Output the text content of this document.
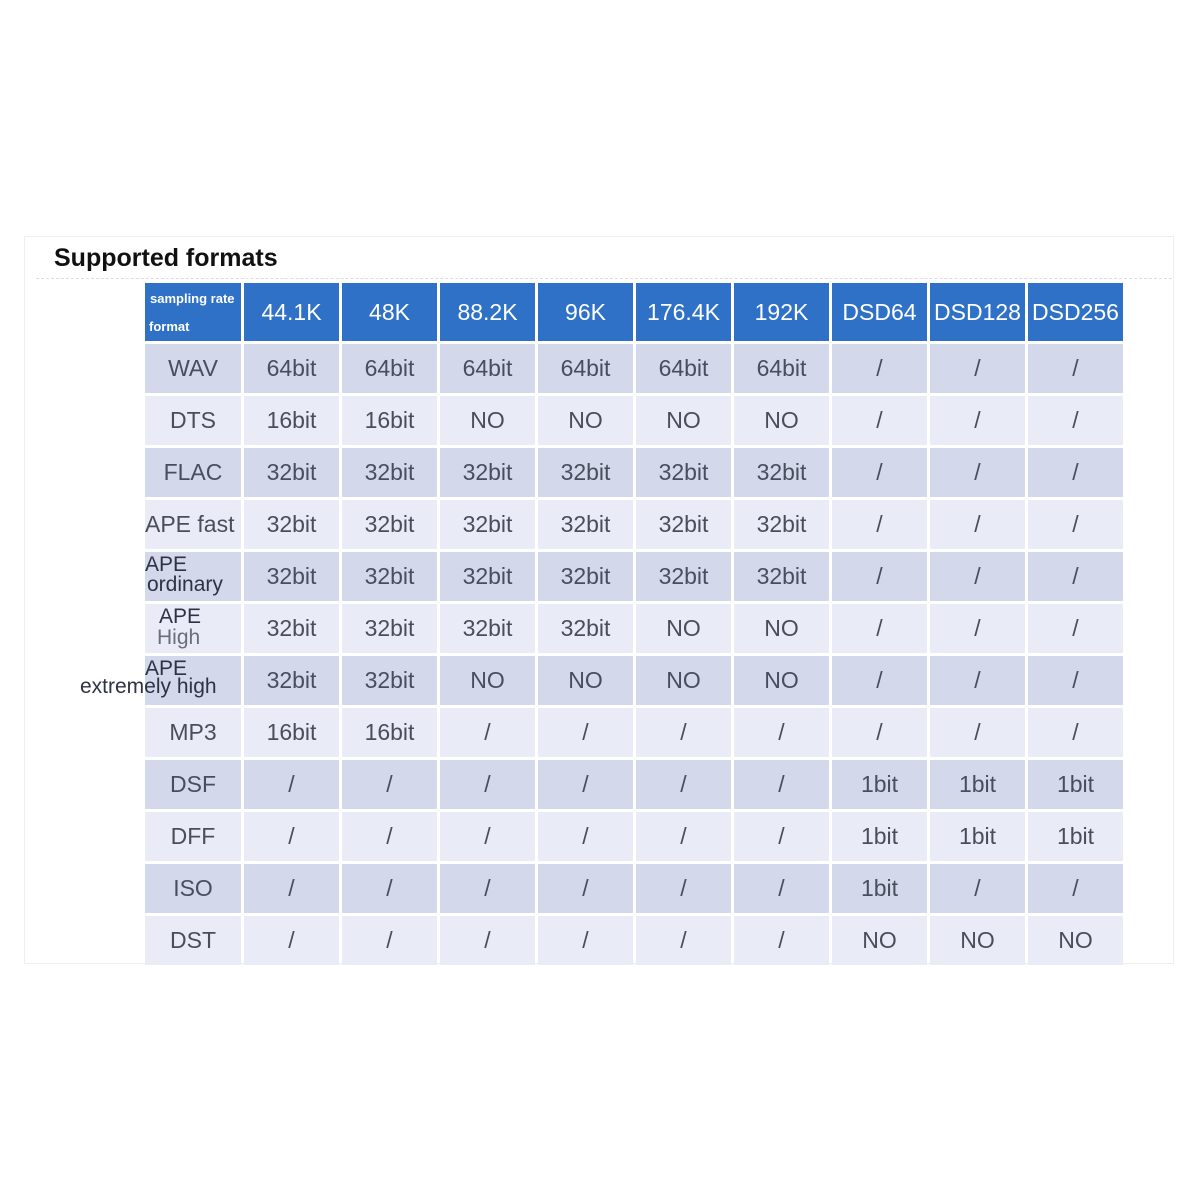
Supported formats
sampling rate
format	44.1K	48K	88.2K	96K	176.4K	192K	DSD64	DSD128	DSD256
WAV	64bit	64bit	64bit	64bit	64bit	64bit	/	/	/
DTS	16bit	16bit	NO	NO	NO	NO	/	/	/
FLAC	32bit	32bit	32bit	32bit	32bit	32bit	/	/	/
APE fast	32bit	32bit	32bit	32bit	32bit	32bit	/	/	/

APE
ordinary	32bit	32bit	32bit	32bit	32bit	32bit	/	/	/

APE
High	32bit	32bit	32bit	32bit	NO	NO	/	/	/

APE
extremely high	32bit	32bit	NO	NO	NO	NO	/	/	/
MP3	16bit	16bit	/	/	/	/	/	/	/
DSF	/	/	/	/	/	/	1bit	1bit	1bit
DFF	/	/	/	/	/	/	1bit	1bit	1bit
ISO	/	/	/	/	/	/	1bit	/	/
DST	/	/	/	/	/	/	NO	NO	NO
